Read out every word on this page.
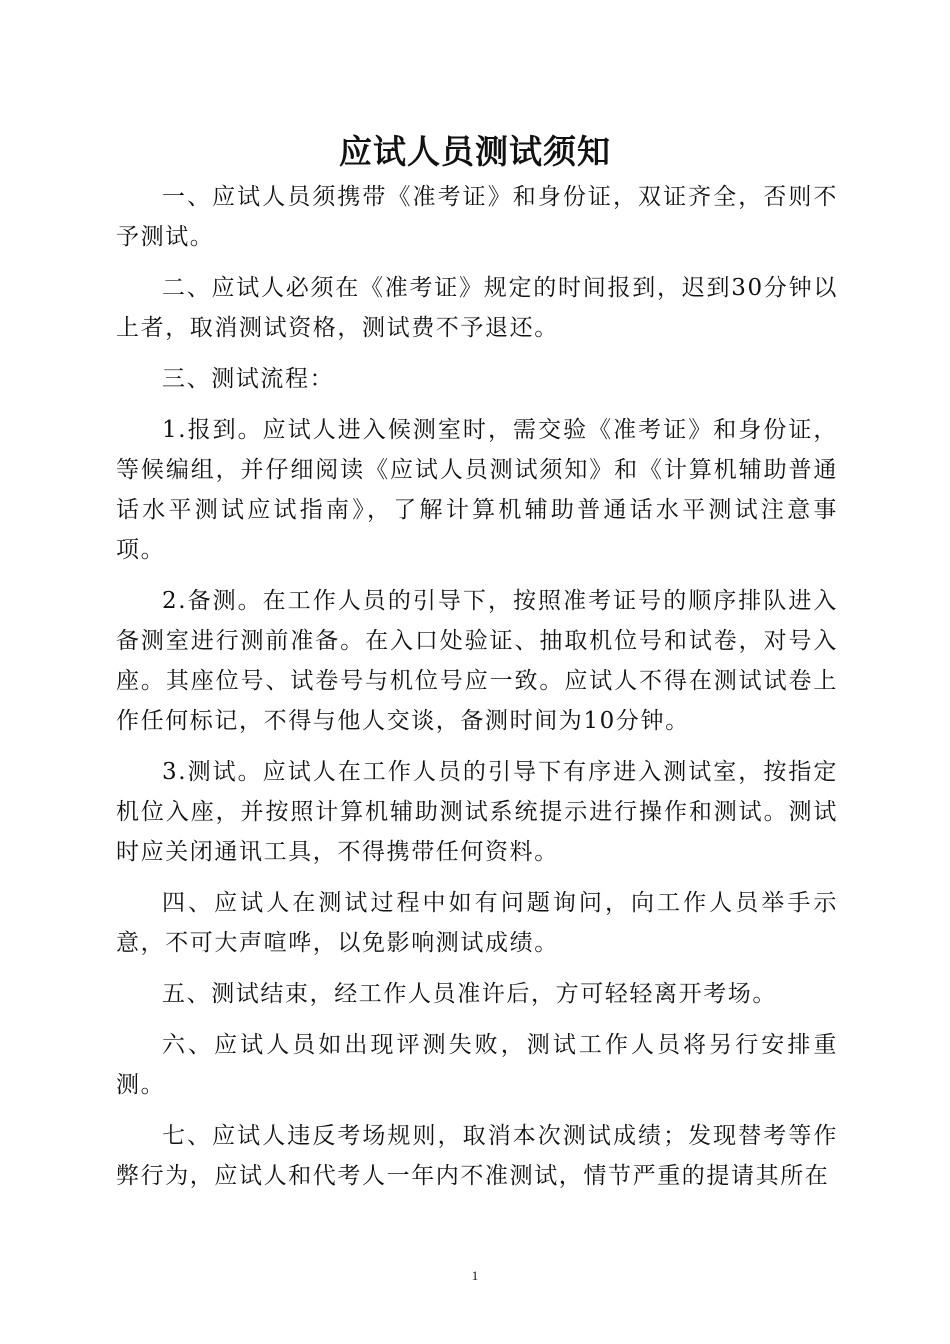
应试人员测试须知

一、应试人员须携带《准考证》和身份证，双证齐全，否则不予测试。

二、应试人必须在《准考证》规定的时间报到，迟到30分钟以上者，取消测试资格，测试费不予退还。

三、测试流程：

1.报到。应试人进入候测室时，需交验《准考证》和身份证，等候编组，并仔细阅读《应试人员测试须知》和《计算机辅助普通话水平测试应试指南》，了解计算机辅助普通话水平测试注意事项。

2.备测。在工作人员的引导下，按照准考证号的顺序排队进入备测室进行测前准备。在入口处验证、抽取机位号和试卷，对号入座。其座位号、试卷号与机位号应一致。应试人不得在测试试卷上作任何标记，不得与他人交谈，备测时间为10分钟。

3.测试。应试人在工作人员的引导下有序进入测试室，按指定机位入座，并按照计算机辅助测试系统提示进行操作和测试。测试时应关闭通讯工具，不得携带任何资料。

四、应试人在测试过程中如有问题询问，向工作人员举手示意，不可大声喧哗，以免影响测试成绩。

五、测试结束，经工作人员准许后，方可轻轻离开考场。

六、应试人员如出现评测失败，测试工作人员将另行安排重测。

七、应试人违反考场规则，取消本次测试成绩；发现替考等作弊行为，应试人和代考人一年内不准测试，情节严重的提请其所在

1
